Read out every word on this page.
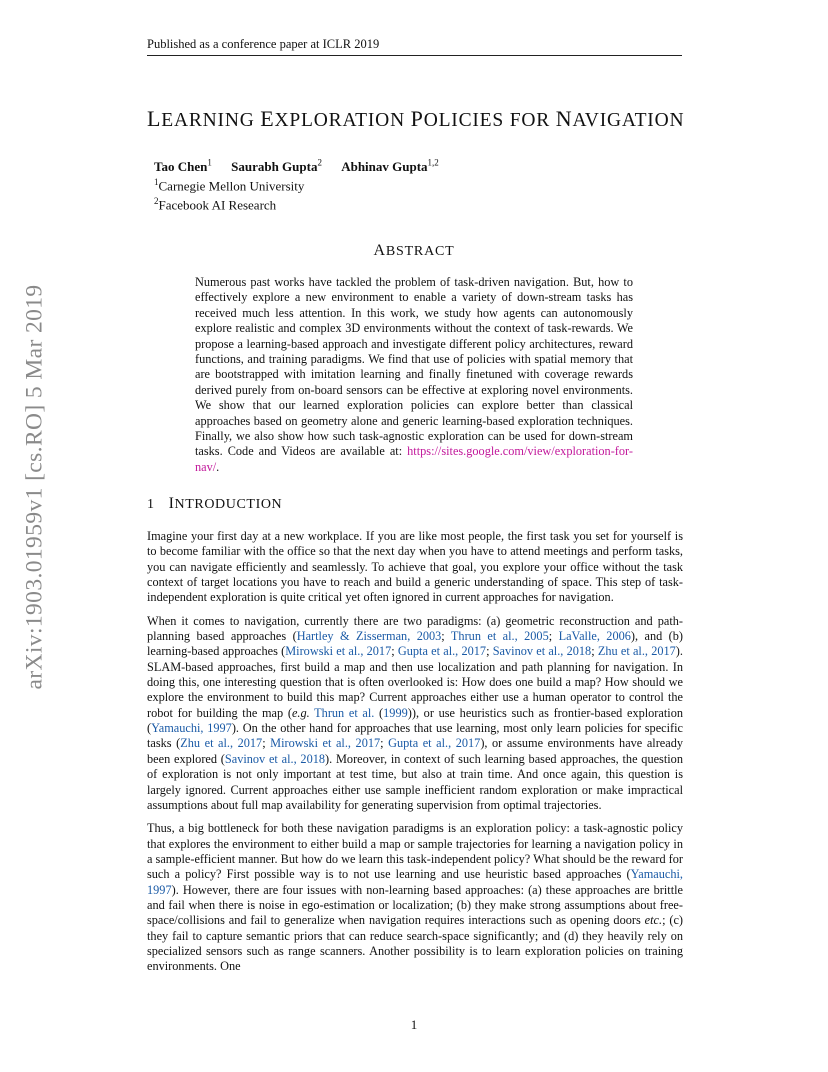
Published as a conference paper at ICLR 2019
arXiv:1903.01959v1 [cs.RO] 5 Mar 2019
LEARNING EXPLORATION POLICIES FOR NAVIGATION
Tao Chen$^1$ Saurabh Gupta$^2$ Abhinav Gupta$^{1,2}$
$^1$Carnegie Mellon University
$^2$Facebook AI Research
ABSTRACT
Numerous past works have tackled the problem of task-driven navigation. But, how to effectively explore a new environment to enable a variety of down-stream tasks has received much less attention. In this work, we study how agents can autonomously explore realistic and complex 3D environments without the context of task-rewards. We propose a learning-based approach and investigate different policy architectures, reward functions, and training paradigms. We find that use of policies with spatial memory that are bootstrapped with imitation learning and finally finetuned with coverage rewards derived purely from on-board sensors can be effective at exploring novel environments. We show that our learned exploration policies can explore better than classical approaches based on geometry alone and generic learning-based exploration techniques. Finally, we also show how such task-agnostic exploration can be used for down-stream tasks. Code and Videos are available at: https://sites.google.com/view/exploration-for-nav/.
1 INTRODUCTION

Imagine your first day at a new workplace. If you are like most people, the first task you set for yourself is to become familiar with the office so that the next day when you have to attend meetings and perform tasks, you can navigate efficiently and seamlessly. To achieve that goal, you explore your office without the task context of target locations you have to reach and build a generic understanding of space. This step of task-independent exploration is quite critical yet often ignored in current approaches for navigation.

When it comes to navigation, currently there are two paradigms: (a) geometric reconstruction and path-planning based approaches (Hartley & Zisserman, 2003; Thrun et al., 2005; LaValle, 2006), and (b) learning-based approaches (Mirowski et al., 2017; Gupta et al., 2017; Savinov et al., 2018; Zhu et al., 2017). SLAM-based approaches, first build a map and then use localization and path planning for navigation. In doing this, one interesting question that is often overlooked is: How does one build a map? How should we explore the environment to build this map? Current approaches either use a human operator to control the robot for building the map (e.g. Thrun et al. (1999)), or use heuristics such as frontier-based exploration (Yamauchi, 1997). On the other hand for approaches that use learning, most only learn policies for specific tasks (Zhu et al., 2017; Mirowski et al., 2017; Gupta et al., 2017), or assume environments have already been explored (Savinov et al., 2018). Moreover, in context of such learning based approaches, the question of exploration is not only important at test time, but also at train time. And once again, this question is largely ignored. Current approaches either use sample inefficient random exploration or make impractical assumptions about full map availability for generating supervision from optimal trajectories.

Thus, a big bottleneck for both these navigation paradigms is an exploration policy: a task-agnostic policy that explores the environment to either build a map or sample trajectories for learning a navigation policy in a sample-efficient manner. But how do we learn this task-independent policy? What should be the reward for such a policy? First possible way is to not use learning and use heuristic based approaches (Yamauchi, 1997). However, there are four issues with non-learning based approaches: (a) these approaches are brittle and fail when there is noise in ego-estimation or localization; (b) they make strong assumptions about free-space/collisions and fail to generalize when navigation requires interactions such as opening doors etc.; (c) they fail to capture semantic priors that can reduce search-space significantly; and (d) they heavily rely on specialized sensors such as range scanners. Another possibility is to learn exploration policies on training environments. One

1
